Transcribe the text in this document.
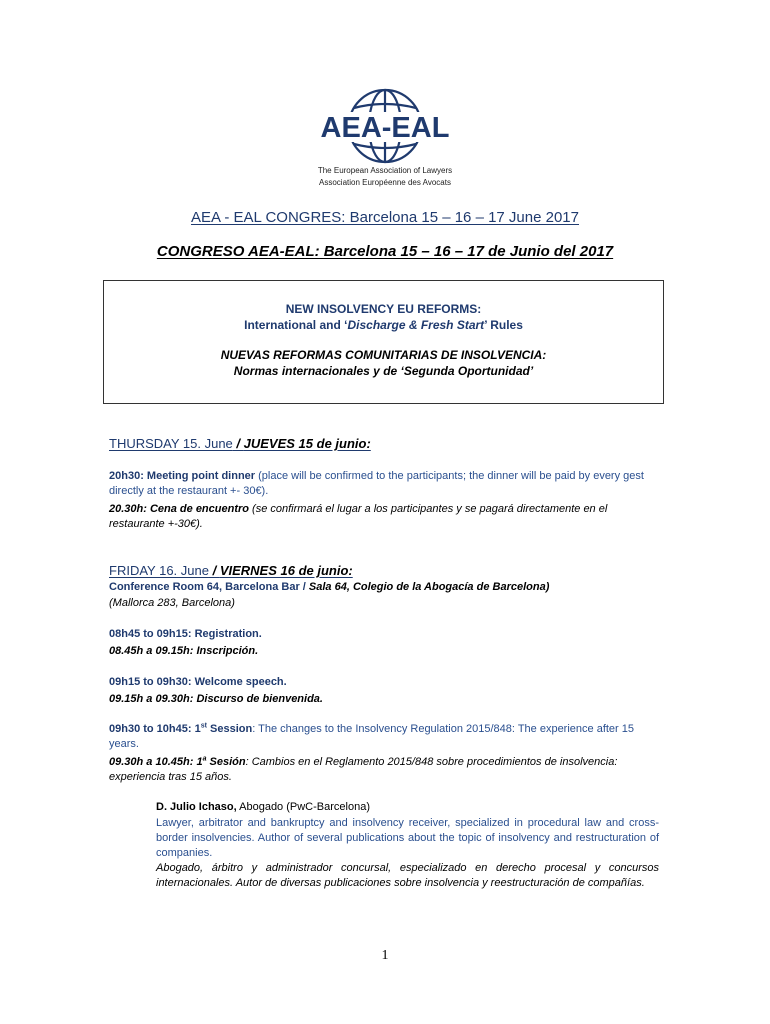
AEA-EAL
The European Association of Lawyers
Association Européenne des Avocats
AEA - EAL CONGRES: Barcelona 15 – 16 – 17 June 2017
CONGRESO AEA-EAL: Barcelona 15 – 16 – 17 de Junio del 2017
NEW INSOLVENCY EU REFORMS:
International and ‘Discharge & Fresh Start’ Rules
NUEVAS REFORMAS COMUNITARIAS DE INSOLVENCIA:
Normas internacionales y de ‘Segunda Oportunidad’
THURSDAY 15. June / JUEVES 15 de junio:
20h30: Meeting point dinner (place will be confirmed to the participants; the dinner will be paid by every gest directly at the restaurant +- 30€).
20.30h: Cena de encuentro (se confirmará el lugar a los participantes y se pagará directamente en el restaurante +-30€).
FRIDAY 16. June / VIERNES 16 de junio:
Conference Room 64, Barcelona Bar / Sala 64, Colegio de la Abogacía de Barcelona)
(Mallorca 283, Barcelona)
08h45 to 09h15: Registration.
08.45h a 09.15h: Inscripción.
09h15 to 09h30: Welcome speech.
09.15h a 09.30h: Discurso de bienvenida.
09h30 to 10h45: 1st Session: The changes to the Insolvency Regulation 2015/848: The experience after 15 years.
09.30h a 10.45h: 1$^a$ Sesión: Cambios en el Reglamento 2015/848 sobre procedimientos de insolvencia: experiencia tras 15 años.
D. Julio Ichaso, Abogado (PwC-Barcelona)
Lawyer, arbitrator and bankruptcy and insolvency receiver, specialized in procedural law and cross-border insolvencies. Author of several publications about the topic of insolvency and restructuration of companies.
Abogado, árbitro y administrador concursal, especializado en derecho procesal y concursos internacionales. Autor de diversas publicaciones sobre insolvencia y reestructuración de compañías.
1
